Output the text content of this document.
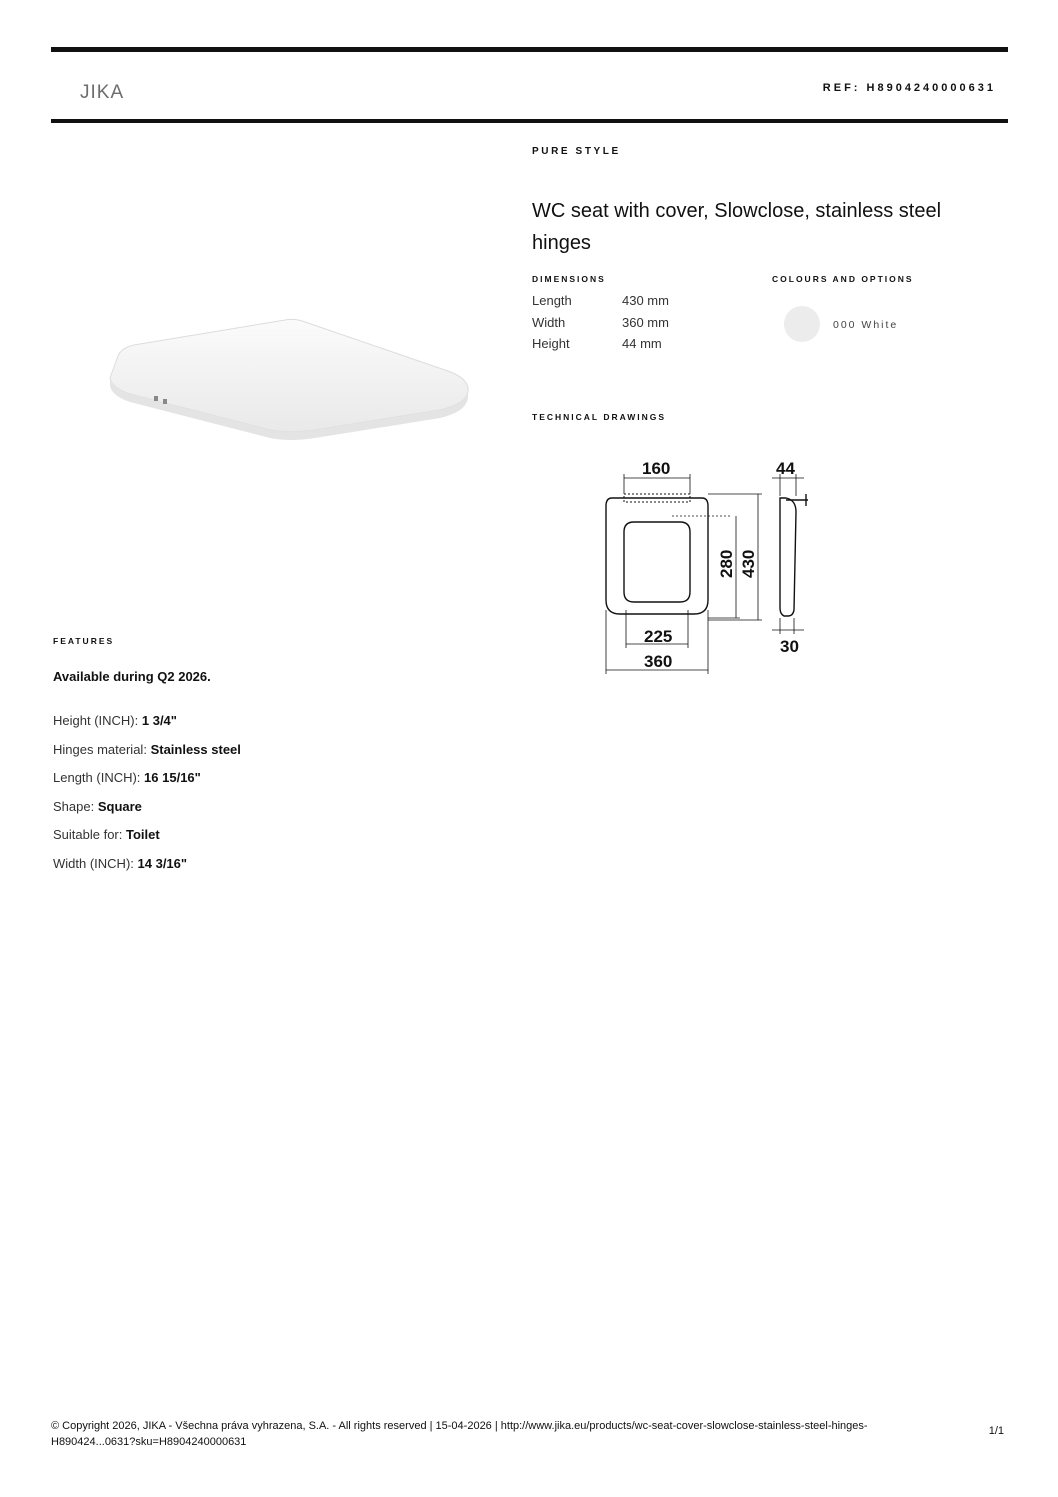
JIKA	REF: H8904240000631
PURE STYLE
WC seat with cover, Slowclose, stainless steel hinges
DIMENSIONS
Length	430 mm
Width	360 mm
Height	44 mm
COLOURS AND OPTIONS
000 White
TECHNICAL DRAWINGS
160	44
225
360
30
280 430
FEATURES
Available during Q2 2026.
Height (INCH): 1 3/4"
Hinges material: Stainless steel
Length (INCH): 16 15/16"
Shape: Square
Suitable for: Toilet
Width (INCH): 14 3/16"
© Copyright 2026, JIKA - Všechna práva vyhrazena, S.A. - All rights reserved | 15-04-2026 | http://www.jika.eu/products/wc-seat-cover-slowclose-stainless-steel-hinges-H890424...0631?sku=H8904240000631
1/1
